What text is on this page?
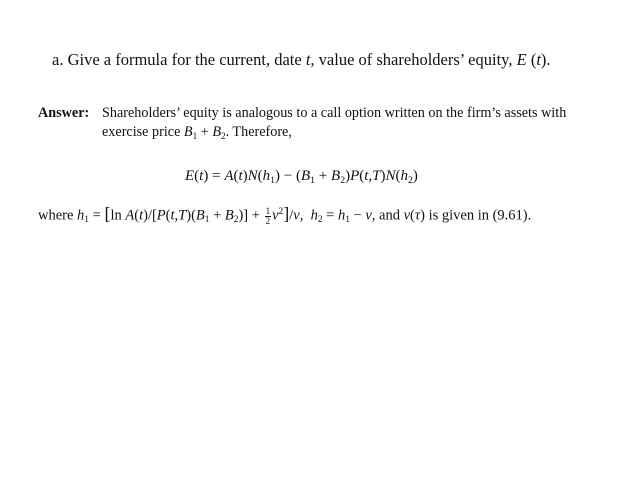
a. Give a formula for the current, date t, value of shareholders’ equity, E (t).
Answer: Shareholders’ equity is analogous to a call option written on the firm’s assets with
exercise price $B_1 + B_2$. Therefore,
$E(t) = A(t)N(h_1) - (B_1 + B_2)P(t,T)N(h_2)$
where $h_1 = [\ln$ $A(t)/[P(t,T)(B_1 + B_2)] + \frac{1}{2} v^2]/v$,  $h_2 = h_1 - v$, and v(τ) is given in (9.61).
